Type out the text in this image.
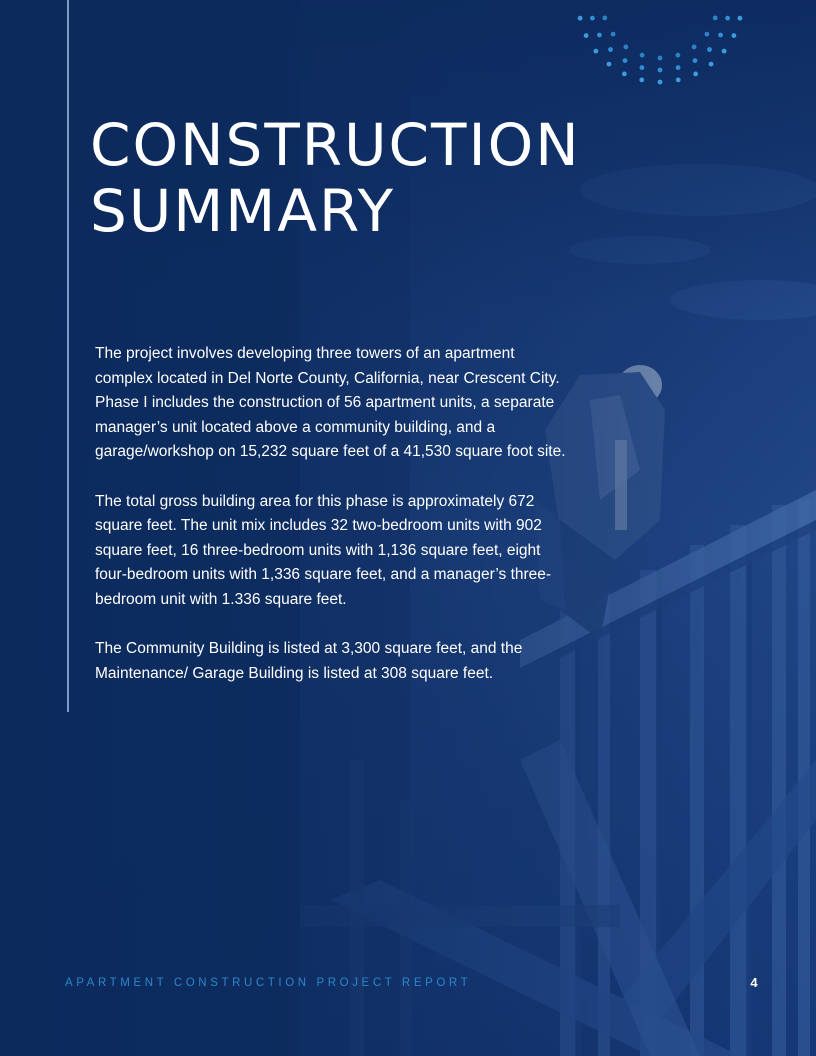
CONSTRUCTION
SUMMARY

The project involves developing three towers of an apartment complex located in Del Norte County, California, near Crescent City. Phase I includes the construction of 56 apartment units, a separate manager’s unit located above a community building, and a garage/workshop on 15,232 square feet of a 41,530 square foot site.

The total gross building area for this phase is approximately 672 square feet. The unit mix includes 32 two-bedroom units with 902 square feet, 16 three-bedroom units with 1,136 square feet, eight four-bedroom units with 1,336 square feet, and a manager’s three-bedroom unit with 1.336 square feet.

The Community Building is listed at 3,300 square feet, and the Maintenance/ Garage Building is listed at 308 square feet.

APARTMENT CONSTRUCTION PROJECT REPORT	4
